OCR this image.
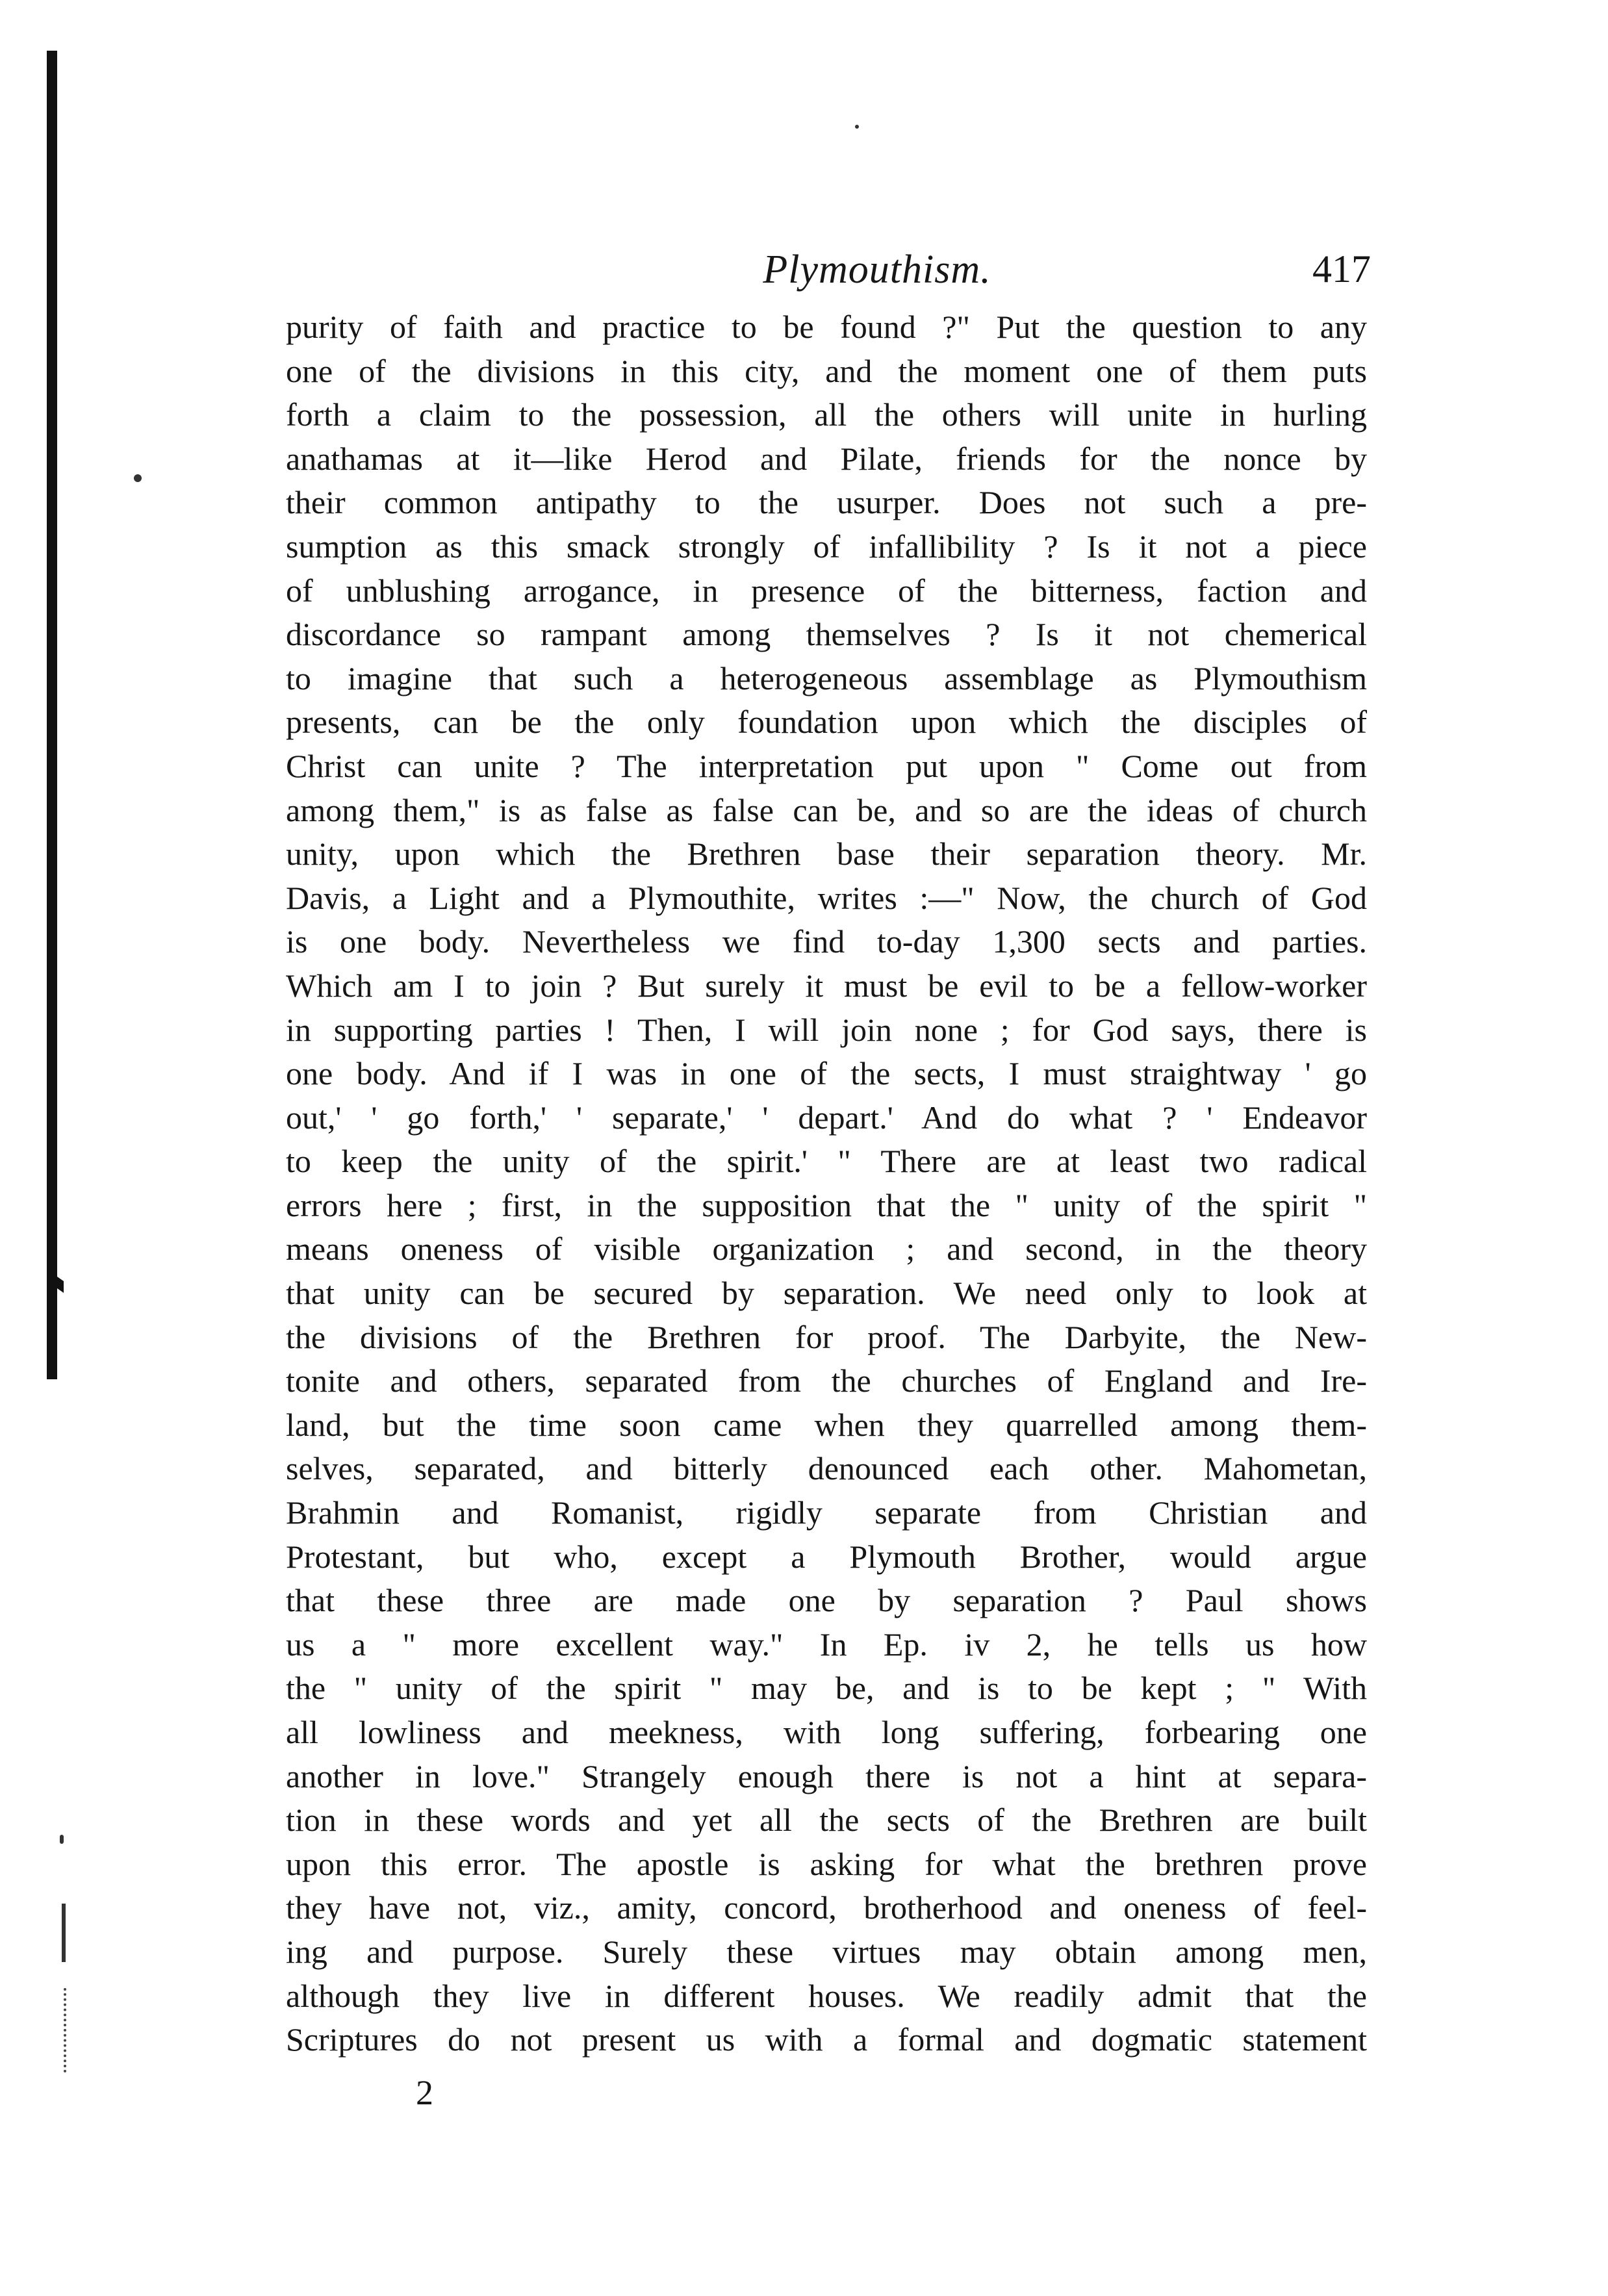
Plymouthism.	417
purity of faith and practice to be found ?" Put the question to any
one of the divisions in this city, and the moment one of them puts
forth a claim to the possession, all the others will unite in hurling
anathamas at it—like Herod and Pilate, friends for the nonce by
their common antipathy to the usurper. Does not such a pre-
sumption as this smack strongly of infallibility ? Is it not a piece
of unblushing arrogance, in presence of the bitterness, faction and
discordance so rampant among themselves ? Is it not chemerical
to imagine that such a heterogeneous assemblage as Plymouthism
presents, can be the only foundation upon which the disciples of
Christ can unite ? The interpretation put upon " Come out from
among them," is as false as false can be, and so are the ideas of church
unity, upon which the Brethren base their separation theory. Mr.
Davis, a Light and a Plymouthite, writes :—" Now, the church of God
is one body. Nevertheless we find to-day 1,300 sects and parties.
Which am I to join ? But surely it must be evil to be a fellow-worker
in supporting parties ! Then, I will join none ; for God says, there is
one body. And if I was in one of the sects, I must straightway ' go
out,' ' go forth,' ' separate,' ' depart.' And do what ? ' Endeavor
to keep the unity of the spirit.' " There are at least two radical
errors here ; first, in the supposition that the " unity of the spirit "
means oneness of visible organization ; and second, in the theory
that unity can be secured by separation. We need only to look at
the divisions of the Brethren for proof. The Darbyite, the New-
tonite and others, separated from the churches of England and Ire-
land, but the time soon came when they quarrelled among them-
selves, separated, and bitterly denounced each other. Mahometan,
Brahmin and Romanist, rigidly separate from Christian and
Protestant, but who, except a Plymouth Brother, would argue
that these three are made one by separation ? Paul shows
us a " more excellent way." In Ep. iv 2, he tells us how
the " unity of the spirit " may be, and is to be kept ; " With
all lowliness and meekness, with long suffering, forbearing one
another in love." Strangely enough there is not a hint at separa-
tion in these words and yet all the sects of the Brethren are built
upon this error. The apostle is asking for what the brethren prove
they have not, viz., amity, concord, brotherhood and oneness of feel-
ing and purpose. Surely these virtues may obtain among men,
although they live in different houses. We readily admit that the
Scriptures do not present us with a formal and dogmatic statement
2
